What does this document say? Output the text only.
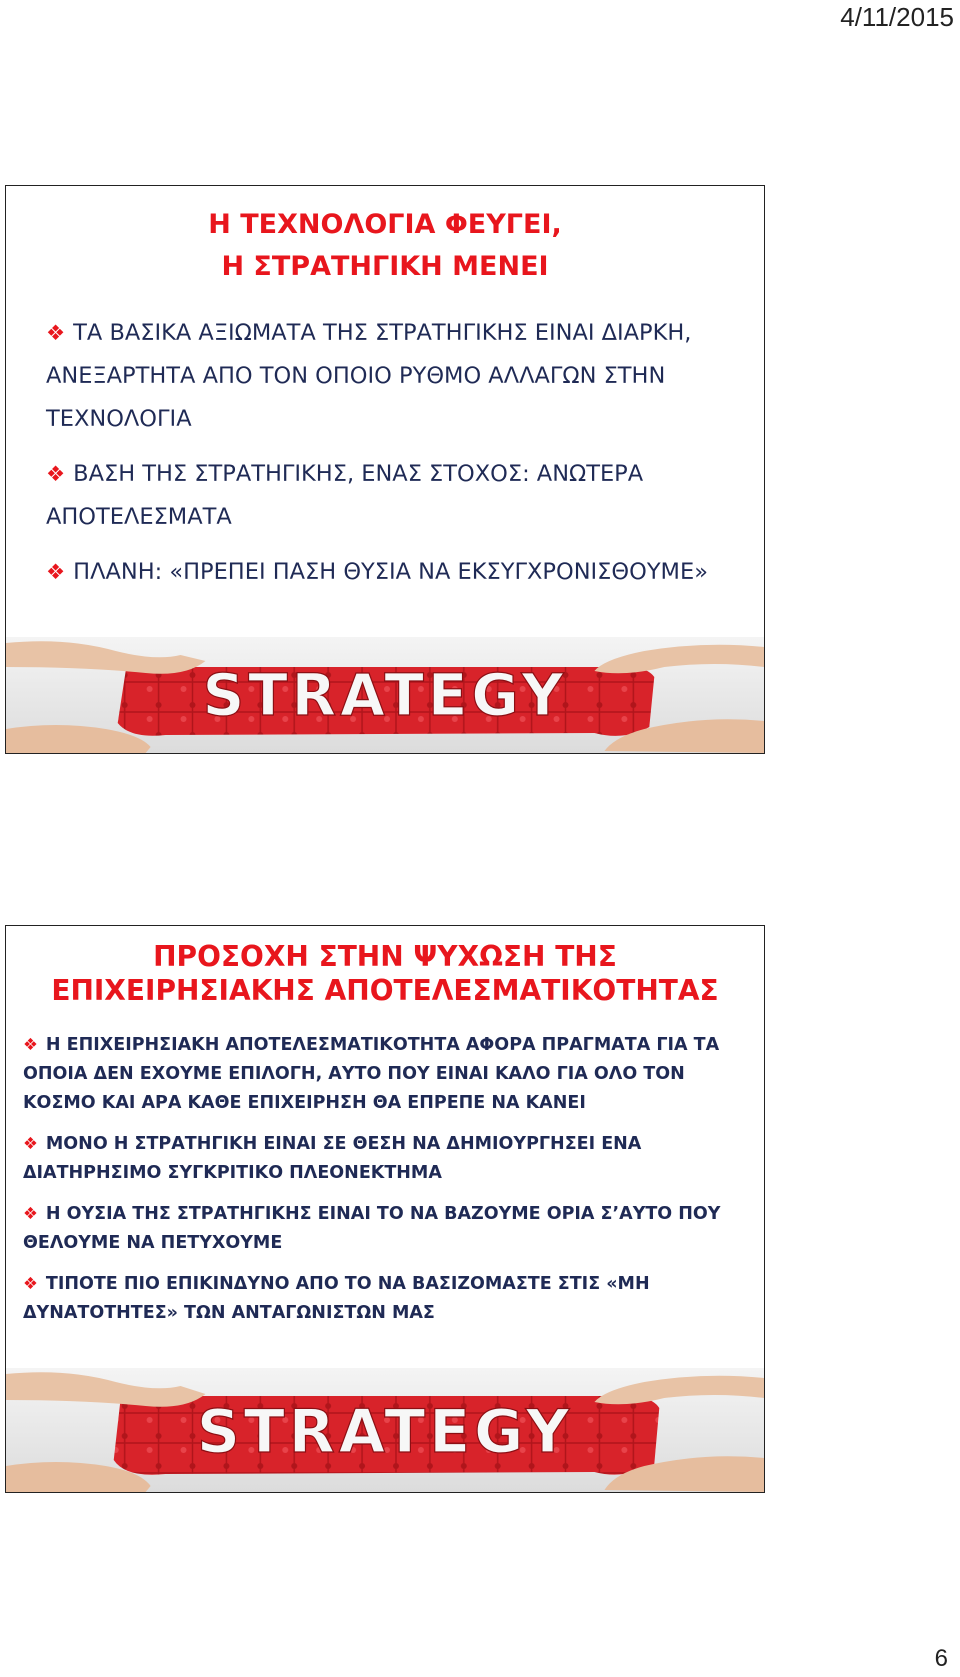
4/11/2015
Η ΤΕΧΝΟΛΟΓΙΑ ΦΕΥΓΕΙ,
Η ΣΤΡΑΤΗΓΙΚΗ ΜΕΝΕΙ
❖ ΤΑ ΒΑΣΙΚΑ ΑΞΙΩΜΑΤΑ ΤΗΣ ΣΤΡΑΤΗΓΙΚΗΣ ΕΙΝΑΙ ΔΙΑΡΚΗ, ΑΝΕΞΑΡΤΗΤΑ ΑΠΟ ΤΟΝ ΟΠΟΙΟ ΡΥΘΜΟ ΑΛΛΑΓΩΝ ΣΤΗΝ ΤΕΧΝΟΛΟΓΙΑ
❖ ΒΑΣΗ ΤΗΣ ΣΤΡΑΤΗΓΙΚΗΣ, ΕΝΑΣ ΣΤΟΧΟΣ: ΑΝΩΤΕΡΑ ΑΠΟΤΕΛΕΣΜΑΤΑ
❖ ΠΛΑΝΗ: «ΠΡΕΠΕΙ ΠΑΣΗ ΘΥΣΙΑ ΝΑ ΕΚΣΥΓΧΡΟΝΙΣΘΟΥΜΕ»
STRATEGY
ΠΡΟΣΟΧΗ ΣΤΗΝ ΨΥΧΩΣΗ ΤΗΣ
ΕΠΙΧΕΙΡΗΣΙΑΚΗΣ ΑΠΟΤΕΛΕΣΜΑΤΙΚΟΤΗΤΑΣ
❖ Η ΕΠΙΧΕΙΡΗΣΙΑΚΗ ΑΠΟΤΕΛΕΣΜΑΤΙΚΟΤΗΤΑ ΑΦΟΡΑ ΠΡΑΓΜΑΤΑ ΓΙΑ ΤΑ ΟΠΟΙΑ ΔΕΝ ΕΧΟΥΜΕ ΕΠΙΛΟΓΗ, ΑΥΤΟ ΠΟΥ ΕΙΝΑΙ ΚΑΛΟ ΓΙΑ ΟΛΟ ΤΟΝ ΚΟΣΜΟ ΚΑΙ ΑΡΑ ΚΑΘΕ ΕΠΙΧΕΙΡΗΣΗ ΘΑ ΕΠΡΕΠΕ ΝΑ ΚΑΝΕΙ
❖ ΜΟΝΟ Η ΣΤΡΑΤΗΓΙΚΗ ΕΙΝΑΙ ΣΕ ΘΕΣΗ ΝΑ ΔΗΜΙΟΥΡΓΗΣΕΙ ΕΝΑ ΔΙΑΤΗΡΗΣΙΜΟ ΣΥΓΚΡΙΤΙΚΟ ΠΛΕΟΝΕΚΤΗΜΑ
❖ Η ΟΥΣΙΑ ΤΗΣ ΣΤΡΑΤΗΓΙΚΗΣ ΕΙΝΑΙ ΤΟ ΝΑ ΒΑΖΟΥΜΕ ΟΡΙΑ Σ’ΑΥΤΟ ΠΟΥ ΘΕΛΟΥΜΕ ΝΑ ΠΕΤΥΧΟΥΜΕ
❖ ΤΙΠΟΤΕ ΠΙΟ ΕΠΙΚΙΝΔΥΝΟ ΑΠΟ ΤΟ ΝΑ ΒΑΣΙΖΟΜΑΣΤΕ ΣΤΙΣ «ΜΗ ΔΥΝΑΤΟΤΗΤΕΣ» ΤΩΝ ΑΝΤΑΓΩΝΙΣΤΩΝ ΜΑΣ
STRATEGY
6
